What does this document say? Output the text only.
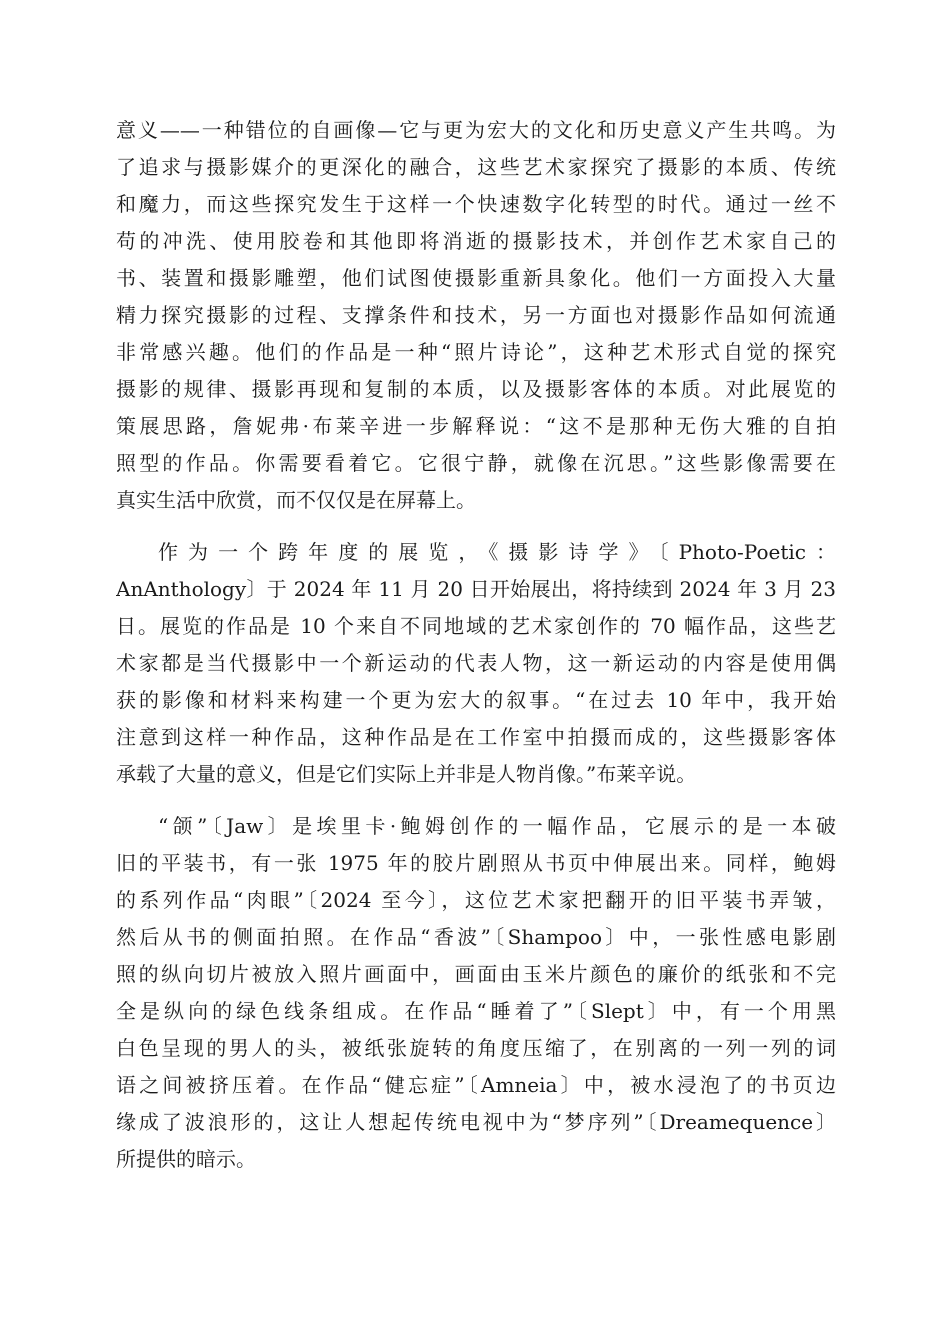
意义——一种错位的自画像—它与更为宏大的文化和历史意义产生共鸣。为
了追求与摄影媒介的更深化的融合，这些艺术家探究了摄影的本质、传统
和魔力，而这些探究发生于这样一个快速数字化转型的时代。通过一丝不
苟的冲洗、使用胶卷和其他即将消逝的摄影技术，并创作艺术家自己的
书、装置和摄影雕塑，他们试图使摄影重新具象化。他们一方面投入大量
精力探究摄影的过程、支撑条件和技术，另一方面也对摄影作品如何流通
非常感兴趣。他们的作品是一种“照片诗论”，这种艺术形式自觉的探究
摄影的规律、摄影再现和复制的本质，以及摄影客体的本质。对此展览的
策展思路，詹妮弗·布莱辛进一步解释说：“这不是那种无伤大雅的自拍
照型的作品。你需要看着它。它很宁静，就像在沉思。”这些影像需要在
真实生活中欣赏，而不仅仅是在屏幕上。
作为一个跨年度的展览，《摄影诗学》〔Photo-Poetic：
AnAnthology〕于 2024 年 11 月 20 日开始展出，将持续到 2024 年 3 月 23
日。展览的作品是 10 个来自不同地域的艺术家创作的 70 幅作品，这些艺
术家都是当代摄影中一个新运动的代表人物，这一新运动的内容是使用偶
获的影像和材料来构建一个更为宏大的叙事。“在过去 10 年中，我开始
注意到这样一种作品，这种作品是在工作室中拍摄而成的，这些摄影客体
承载了大量的意义，但是它们实际上并非是人物肖像。”布莱辛说。
“颌”〔Jaw〕是埃里卡·鲍姆创作的一幅作品，它展示的是一本破
旧的平装书，有一张 1975 年的胶片剧照从书页中伸展出来。同样，鲍姆
的系列作品“肉眼”〔2024 至今〕，这位艺术家把翻开的旧平装书弄皱，
然后从书的侧面拍照。在作品“香波”〔Shampoo〕中，一张性感电影剧
照的纵向切片被放入照片画面中，画面由玉米片颜色的廉价的纸张和不完
全是纵向的绿色线条组成。在作品“睡着了”〔Slept〕中，有一个用黑
白色呈现的男人的头，被纸张旋转的角度压缩了，在别离的一列一列的词
语之间被挤压着。在作品“健忘症”〔Amneia〕中，被水浸泡了的书页边
缘成了波浪形的，这让人想起传统电视中为“梦序列”〔Dreamequence〕
所提供的暗示。
